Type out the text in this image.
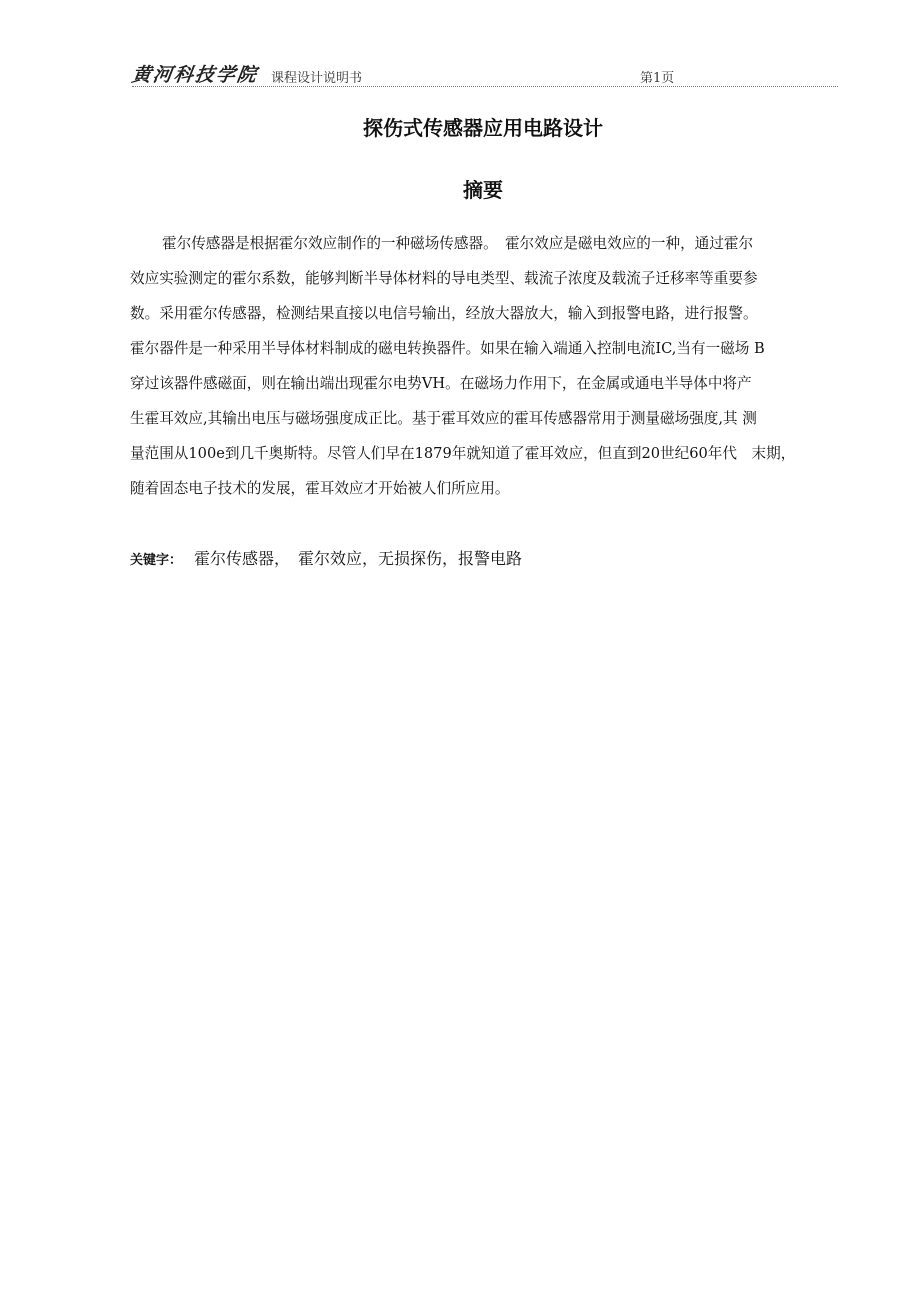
黄河科技学院 课程设计说明书	第1页
探伤式传感器应用电路设计
摘要
霍尔传感器是根据霍尔效应制作的一种磁场传感器。　霍尔效应是磁电效应的一种，通过霍尔
效应实验测定的霍尔系数，能够判断半导体材料的导电类型、载流子浓度及载流子迁移率等重要参
数。采用霍尔传感器，检测结果直接以电信号输出，经放大器放大，输入到报警电路，进行报警。
霍尔器件是一种采用半导体材料制成的磁电转换器件。如果在输入端通入控制电流IC,当有一磁场 B
穿过该器件感磁面，则在输出端出现霍尔电势VH。在磁场力作用下，在金属或通电半导体中将产
生霍耳效应,其输出电压与磁场强度成正比。基于霍耳效应的霍耳传感器常用于测量磁场强度,其 测
量范围从100e到几千奥斯特。尽管人们早在1879年就知道了霍耳效应，但直到20世纪60年代　末期，
随着固态电子技术的发展，霍耳效应才开始被人们所应用。
关键字： 霍尔传感器，　霍尔效应，无损探伤，报警电路
